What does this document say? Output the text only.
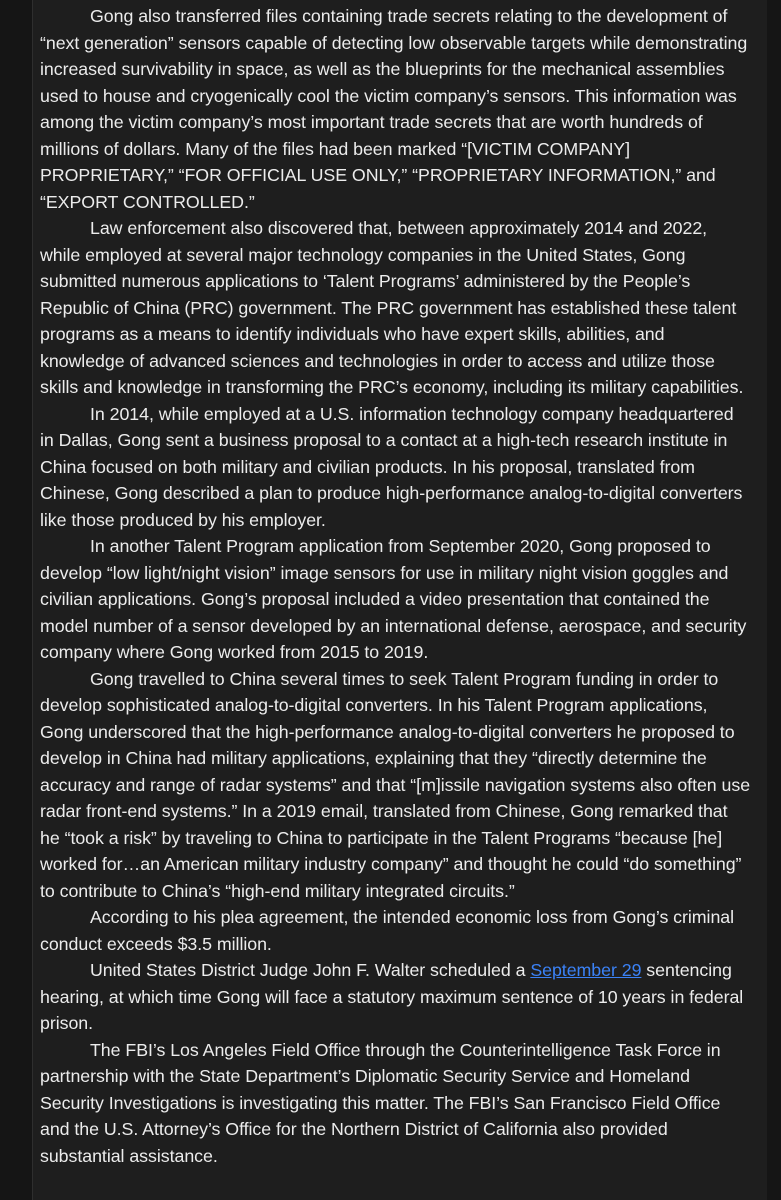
Gong also transferred files containing trade secrets relating to the development of “next generation” sensors capable of detecting low observable targets while demonstrating increased survivability in space, as well as the blueprints for the mechanical assemblies used to house and cryogenically cool the victim company’s sensors. This information was among the victim company’s most important trade secrets that are worth hundreds of millions of dollars. Many of the files had been marked “[VICTIM COMPANY] PROPRIETARY,” “FOR OFFICIAL USE ONLY,” “PROPRIETARY INFORMATION,” and “EXPORT CONTROLLED.”

Law enforcement also discovered that, between approximately 2014 and 2022, while employed at several major technology companies in the United States, Gong submitted numerous applications to ‘Talent Programs’ administered by the People’s Republic of China (PRC) government. The PRC government has established these talent programs as a means to identify individuals who have expert skills, abilities, and knowledge of advanced sciences and technologies in order to access and utilize those skills and knowledge in transforming the PRC’s economy, including its military capabilities.

In 2014, while employed at a U.S. information technology company headquartered in Dallas, Gong sent a business proposal to a contact at a high-tech research institute in China focused on both military and civilian products. In his proposal, translated from Chinese, Gong described a plan to produce high-performance analog-to-digital converters like those produced by his employer.

In another Talent Program application from September 2020, Gong proposed to develop “low light/night vision” image sensors for use in military night vision goggles and civilian applications. Gong’s proposal included a video presentation that contained the model number of a sensor developed by an international defense, aerospace, and security company where Gong worked from 2015 to 2019.

Gong travelled to China several times to seek Talent Program funding in order to develop sophisticated analog-to-digital converters. In his Talent Program applications, Gong underscored that the high-performance analog-to-digital converters he proposed to develop in China had military applications, explaining that they “directly determine the accuracy and range of radar systems” and that “[m]issile navigation systems also often use radar front-end systems.” In a 2019 email, translated from Chinese, Gong remarked that he “took a risk” by traveling to China to participate in the Talent Programs “because [he] worked for…an American military industry company” and thought he could “do something” to contribute to China’s “high-end military integrated circuits.”

According to his plea agreement, the intended economic loss from Gong’s criminal conduct exceeds $3.5 million.

United States District Judge John F. Walter scheduled a September 29 sentencing hearing, at which time Gong will face a statutory maximum sentence of 10 years in federal prison.

The FBI’s Los Angeles Field Office through the Counterintelligence Task Force in partnership with the State Department’s Diplomatic Security Service and Homeland Security Investigations is investigating this matter. The FBI’s San Francisco Field Office and the U.S. Attorney’s Office for the Northern District of California also provided substantial assistance.
